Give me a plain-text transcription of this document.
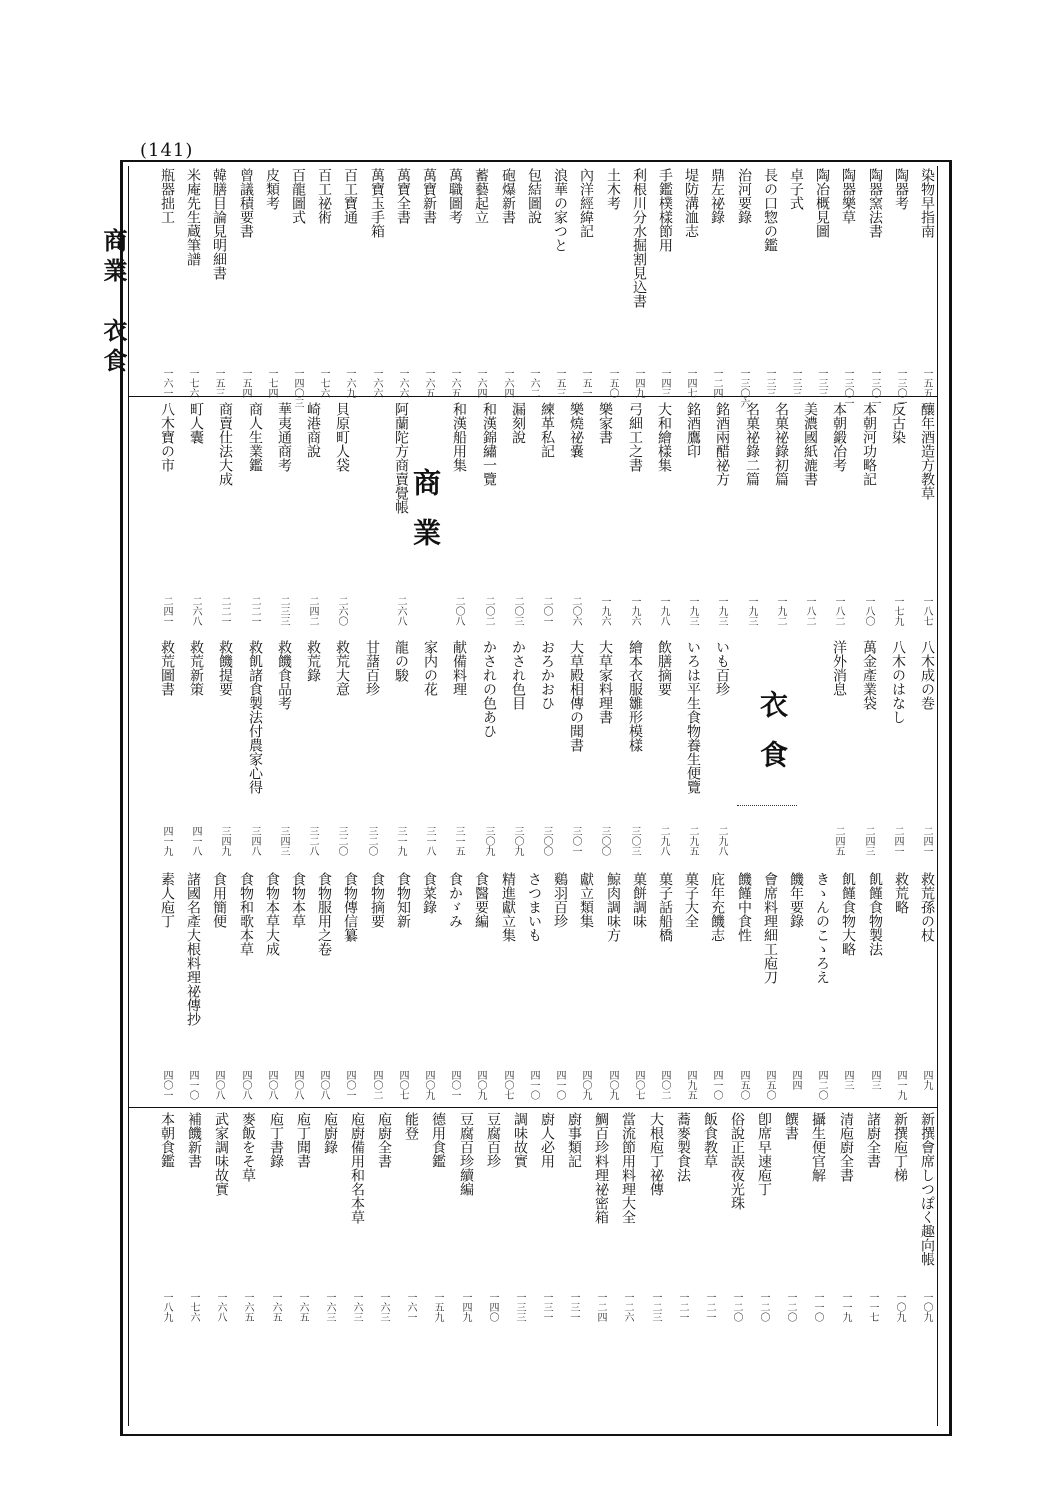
(141)
商業　衣食
染物早指南
一五五
陶器考
一三〇一
陶器窯法書
一三〇一
陶器樂草
一三〇一
陶冶概見圖
一三三
卓子式
一三三
長の口惣の鑑
一三三
治河要錄
一三〇六
鼎左祕錄
一二四
堤防溝洫志
一四七
手鑑樸樣節用
一四三
利根川分水掘割見込書
一四九
土木考
一五〇
內洋經緯記
一五一
浪華の家つと
一五三
包結圖說
一六二
砲爆新書
一六四
蓄藝起立
一六四
萬職圖考
一六五
萬寶新書
一六五
萬寶全書
一六六
萬寶玉手箱
一六六
百工寶通
一六九
百工祕術
一七六
百龍圖式
一四〇三
皮類考
一七四
曾議積要書
一五四
韓膳目論見明細書
一五三
米庵先生蔵筆譜
一七六
瓶器拙工
一六一
釀年酒造方教草
一八七
反古染
一七九
本朝河功略記
一八〇
本朝鍛冶考
一八二
美濃國紙漉書
一八二
名菓祕錄初篇
一九二
名菓祕錄二篇
一九三
銘酒兩醋祕方
一九三
銘酒鷹印
一九三
大和繪樣集
一九八
弓細工之書
一九六
樂家書
一九六
樂燒祕嚢
二〇六
練革私記
二〇一
漏刻說
二〇三
和漢錦繡一覽
二〇二
和漢船用集
二〇八
阿蘭陀方商賣覺帳
二六八
貝原町人袋
二六〇
崎港商說
二四二
華夷通商考
二三三
商人生業鑑
二二一
商賣仕法大成
二二一
町人囊
二六八
八木寶の市
二四一
八木成の巻
二四一
八木のはなし
二四一
萬金產業袋
二四三
洋外消息
二四五
いも百珍
二九八
いろは平生食物養生便覽
二九五
飲膳摘要
二九八
繪本衣服雛形模樣
三〇三
大草家料理書
三〇〇
大草殿相傳の聞書
三〇一
おろかおひ
三〇〇
かされ色目
三〇九
かされの色あひ
三〇九
献備料理
三一五
家内の花
三一八
龍の駿
三一九
甘藷百珍
三二〇
救荒大意
三二〇
救荒錄
三二八
救饑食品考
三四三
救飢諸食製法付農家心得
三四八
救饑提要
三四九
救荒新策
四一八
救荒圖書
四一九
救荒孫の杖
四九
救荒略
四一九
飢饉食物製法
四三
飢饉食物大略
四三
きゝんのこゝろえ
四二〇
饑年要錄
四四
會席料理細工庖刀
四五〇
饑饉中食性
四五〇
庇年充饑志
四一〇
菓子大全
四九五
菓子話船橋
四〇二
菓餅調味
四〇七
鯨肉調味方
四〇九
獻立類集
四〇九
鷄羽百珍
四一〇
さつまいも
四一〇
精進獻立集
四〇七
食醫要編
四〇九
食かゞみ
四〇一
食菜錄
四〇九
食物知新
四〇七
食物摘要
四〇二
食物傳信纂
四〇一
食物服用之卷
四〇八
食物本草
四〇八
食物本草大成
四〇八
食物和歌本草
四〇八
食用簡便
四〇八
諸國名產大根料理祕傳抄
四一〇
素人庖丁
四〇一
新撰會席しつぽく趣向帳
一〇九
新撰庖丁梯
一〇九
諸廚全書
一一七
清庖廚全書
一一九
攝生便官解
一一〇
饌書
一二〇
卽席早速庖丁
一二〇
俗說正誤夜光珠
一二〇
飯食教草
一二一
蕎麥製食法
一二一
大根庖丁祕傳
一二三
當流節用料理大全
一二六
鯛百珍料理祕密箱
一二四
廚事類記
一三一
廚人必用
一三一
調味故實
一三三
豆腐百珍
一四〇
豆腐百珍續編
一四九
德用食鑑
一五九
能登
一六一
庖廚全書
一六三
庖廚備用和名本草
一六三
庖廚錄
一六三
庖丁聞書
一六五
庖丁書錄
一六五
麥飯をそ草
一六五
武家調味故實
一六八
補饑新書
一七六
本朝食鑑
一八九
商業
衣食
